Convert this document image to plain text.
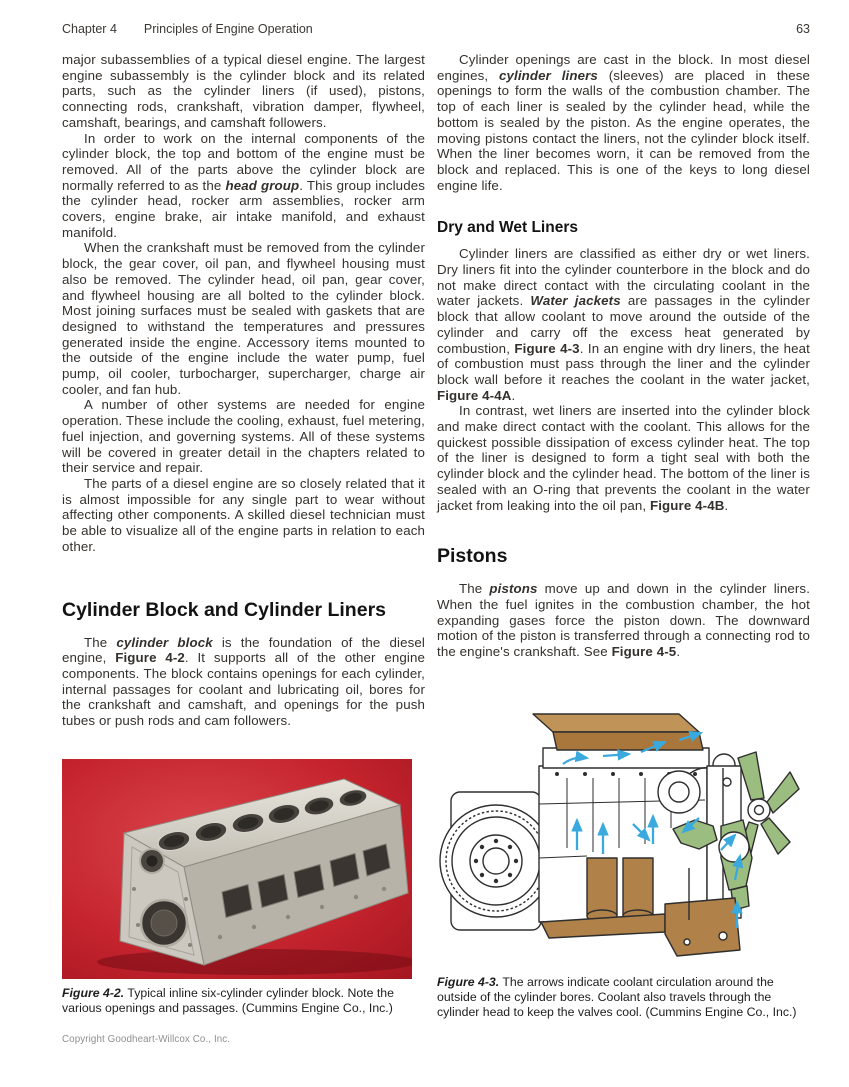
Chapter 4 Principles of Engine Operation	63

major subassemblies of a typical diesel engine. The largest engine subassembly is the cylinder block and its related parts, such as the cylinder liners (if used), pistons, connecting rods, crankshaft, vibration damper, flywheel, camshaft, bearings, and camshaft followers.

In order to work on the internal components of the cylinder block, the top and bottom of the engine must be removed. All of the parts above the cylinder block are normally referred to as the head group. This group includes the cylinder head, rocker arm assemblies, rocker arm covers, engine brake, air intake manifold, and exhaust manifold.

When the crankshaft must be removed from the cylinder block, the gear cover, oil pan, and flywheel housing must also be removed. The cylinder head, oil pan, gear cover, and flywheel housing are all bolted to the cylinder block. Most joining surfaces must be sealed with gaskets that are designed to withstand the temperatures and pressures generated inside the engine. Accessory items mounted to the outside of the engine include the water pump, fuel pump, oil cooler, turbocharger, supercharger, charge air cooler, and fan hub.

A number of other systems are needed for engine operation. These include the cooling, exhaust, fuel metering, fuel injection, and governing systems. All of these systems will be covered in greater detail in the chapters related to their service and repair.

The parts of a diesel engine are so closely related that it is almost impossible for any single part to wear without affecting other components. A skilled diesel technician must be able to visualize all of the engine parts in relation to each other.

Cylinder Block and Cylinder Liners

The cylinder block is the foundation of the diesel engine, Figure 4-2. It supports all of the other engine components. The block contains openings for each cylinder, internal passages for coolant and lubricating oil, bores for the crankshaft and camshaft, and openings for the push tubes or push rods and cam followers.

Figure 4-2. Typical inline six-cylinder cylinder block. Note the various openings and passages. (Cummins Engine Co., Inc.)
Copyright Goodheart-Willcox Co., Inc.

Cylinder openings are cast in the block. In most diesel engines, cylinder liners (sleeves) are placed in these openings to form the walls of the combustion chamber. The top of each liner is sealed by the cylinder head, while the bottom is sealed by the piston. As the engine operates, the moving pistons contact the liners, not the cylinder block itself. When the liner becomes worn, it can be removed from the block and replaced. This is one of the keys to long diesel engine life.

Dry and Wet Liners

Cylinder liners are classified as either dry or wet liners. Dry liners fit into the cylinder counterbore in the block and do not make direct contact with the circulating coolant in the water jackets. Water jackets are passages in the cylinder block that allow coolant to move around the outside of the cylinder and carry off the excess heat generated by combustion, Figure 4-3. In an engine with dry liners, the heat of combustion must pass through the liner and the cylinder block wall before it reaches the coolant in the water jacket, Figure 4-4A.

In contrast, wet liners are inserted into the cylinder block and make direct contact with the coolant. This allows for the quickest possible dissipation of excess cylinder heat. The top of the liner is designed to form a tight seal with both the cylinder block and the cylinder head. The bottom of the liner is sealed with an O-ring that prevents the coolant in the water jacket from leaking into the oil pan, Figure 4-4B.

Pistons

The pistons move up and down in the cylinder liners. When the fuel ignites in the combustion chamber, the hot expanding gases force the piston down. The downward motion of the piston is transferred through a connecting rod to the engine's crankshaft. See Figure 4-5.

Figure 4-3. The arrows indicate coolant circulation around the outside of the cylinder bores. Coolant also travels through the cylinder head to keep the valves cool. (Cummins Engine Co., Inc.)
